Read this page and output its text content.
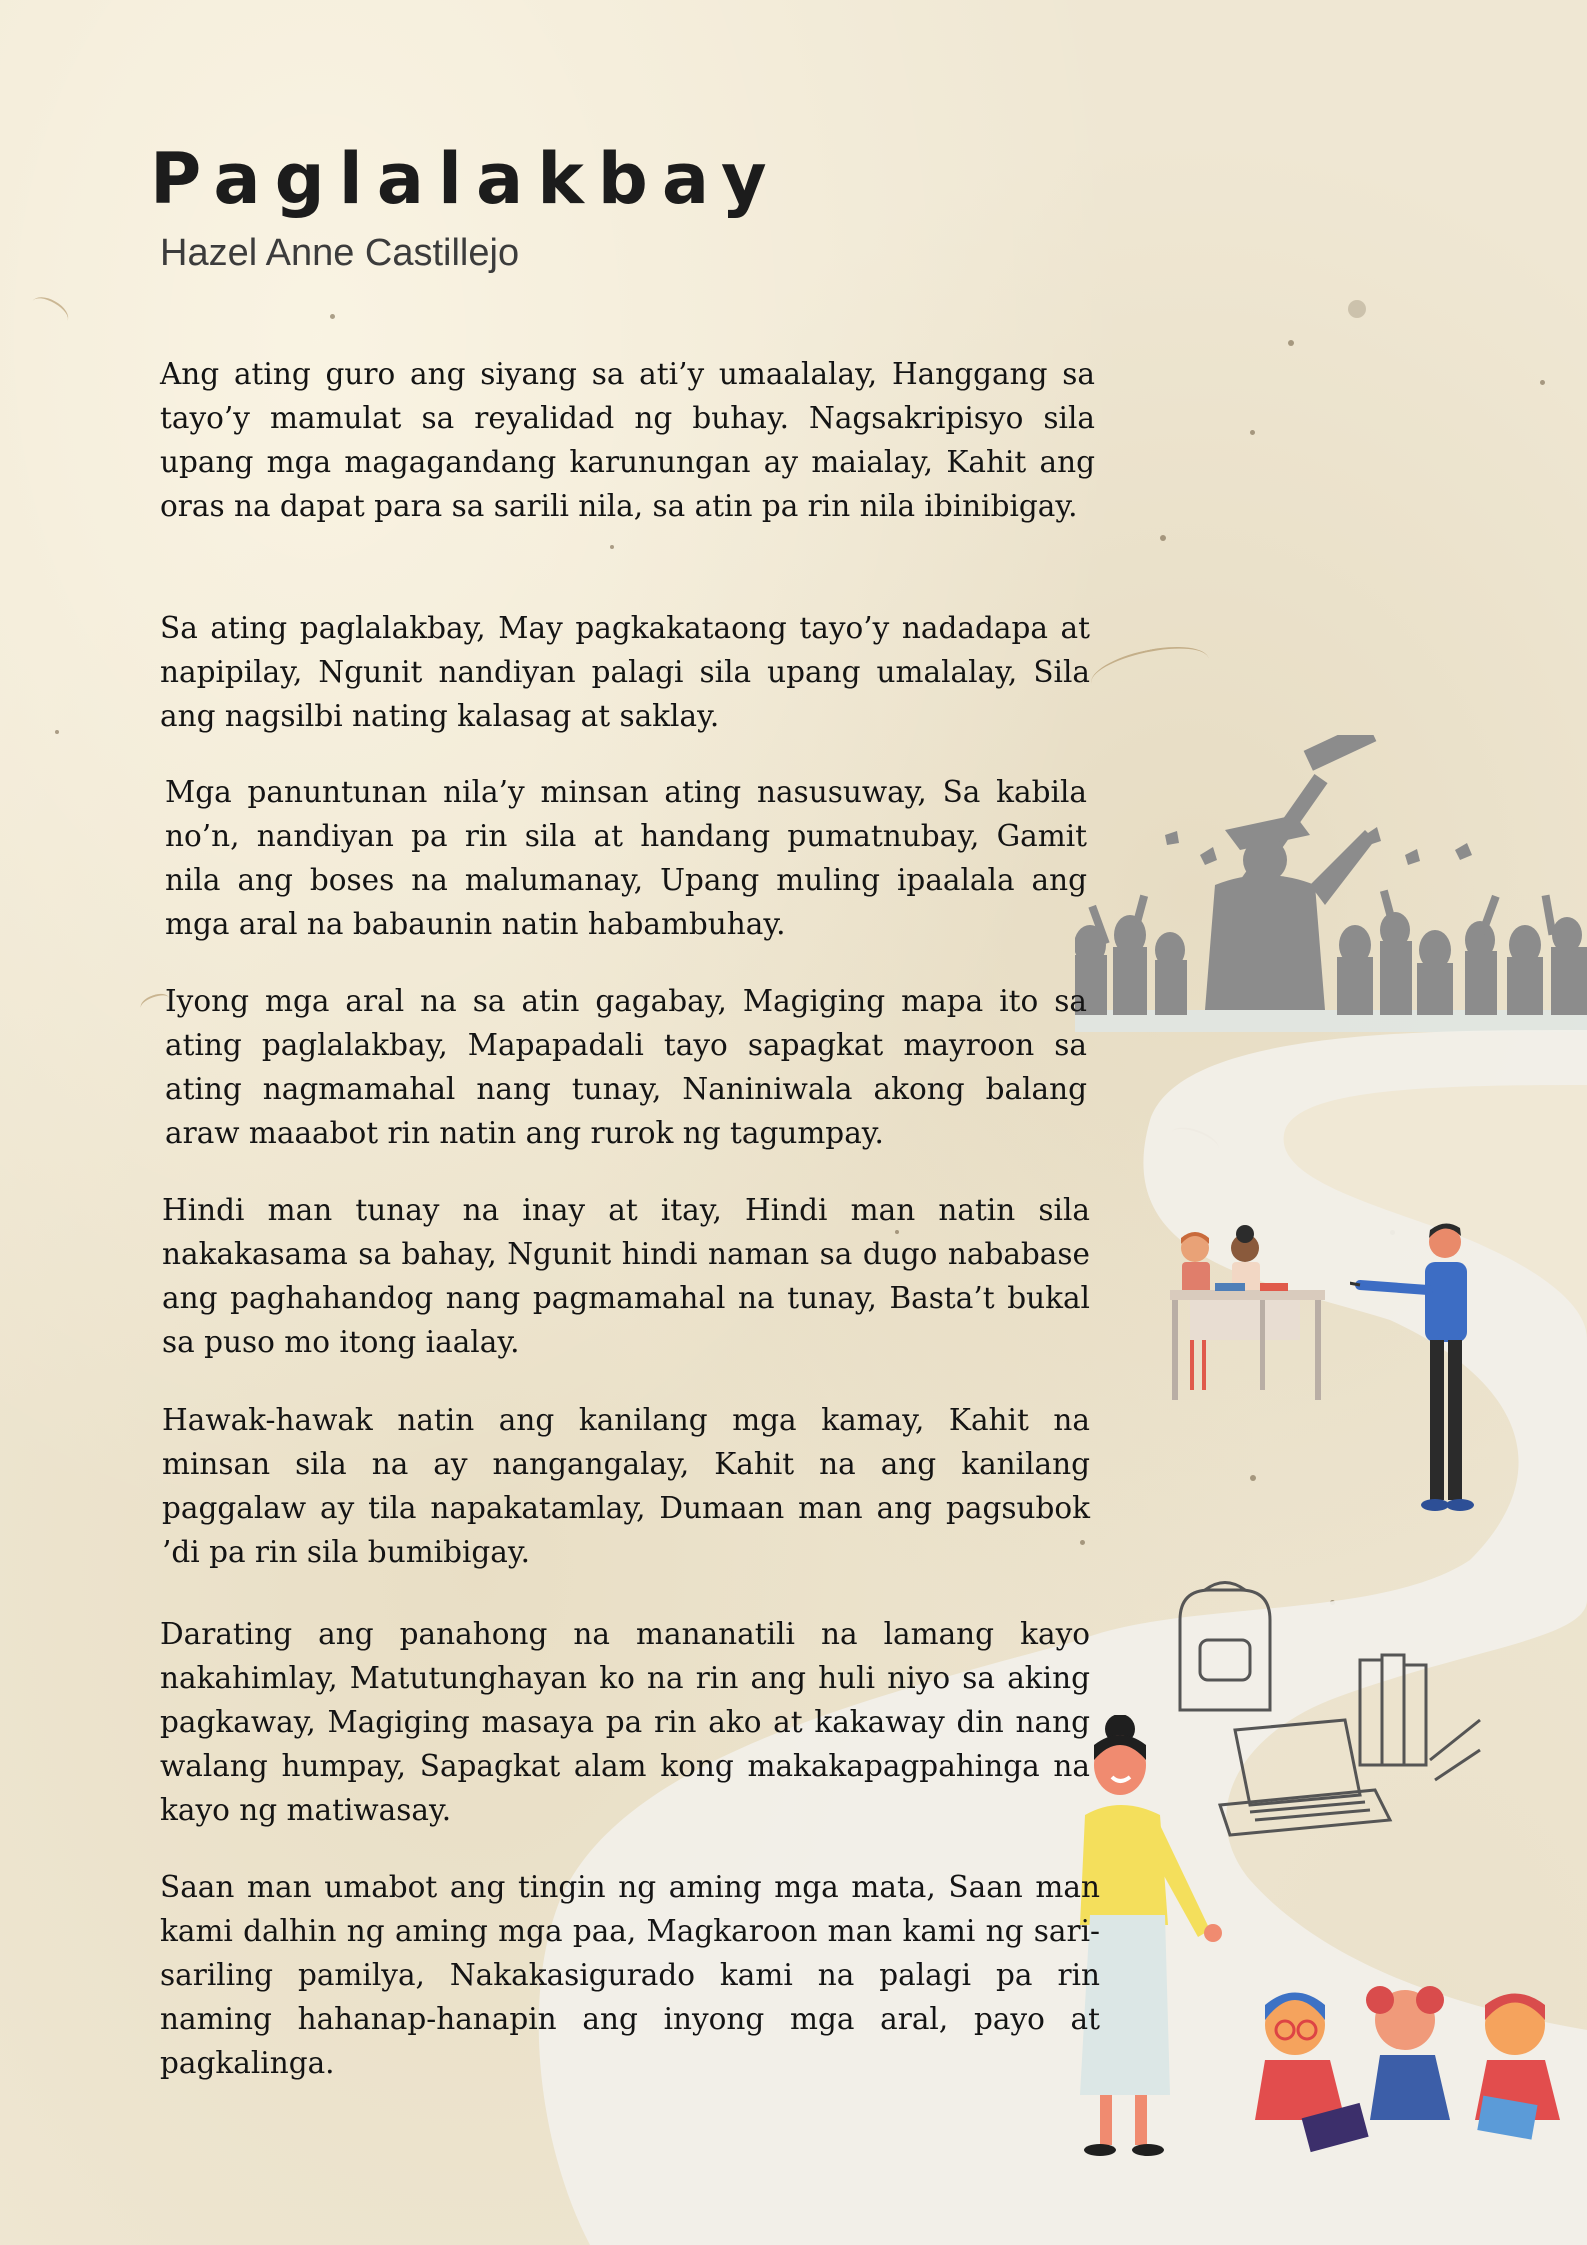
Paglalakbay
Hazel Anne Castillejo

Ang ating guro ang siyang sa ati’y umaalalay, Hanggang sa tayo’y mamulat sa reyalidad ng buhay. Nagsakripisyo sila upang mga magagandang karunungan ay maialay, Kahit ang oras na dapat para sa sarili nila, sa atin pa rin nila ibinibigay.

Sa ating paglalakbay, May pagkakataong tayo’y nadadapa at napipilay, Ngunit nandiyan palagi sila upang umalalay, Sila ang nagsilbi nating kalasag at saklay.

Mga panuntunan nila’y minsan ating nasusuway, Sa kabila no’n, nandiyan pa rin sila at handang pumatnubay, Gamit nila ang boses na malumanay, Upang muling ipaalala ang mga aral na babaunin natin habambuhay.

Iyong mga aral na sa atin gagabay, Magiging mapa ito sa ating paglalakbay, Mapapadali tayo sapagkat mayroon sa ating nagmamahal nang tunay, Naniniwala akong balang araw maaabot rin natin ang rurok ng tagumpay.

Hindi man tunay na inay at itay, Hindi man natin sila nakakasama sa bahay, Ngunit hindi naman sa dugo nababase ang paghahandog nang pagmamahal na tunay, Basta’t bukal sa puso mo itong iaalay.

Hawak-hawak natin ang kanilang mga kamay, Kahit na minsan sila na ay nangangalay, Kahit na ang kanilang paggalaw ay tila napakatamlay, Dumaan man ang pagsubok ’di pa rin sila bumibigay.

Darating ang panahong na mananatili na lamang kayo nakahimlay, Matutunghayan ko na rin ang huli niyo sa aking pagkaway, Magiging masaya pa rin ako at kakaway din nang walang humpay, Sapagkat alam kong makakapagpahinga na kayo ng matiwasay.

Saan man umabot ang tingin ng aming mga mata, Saan man kami dalhin ng aming mga paa, Magkaroon man kami ng sari-sariling pamilya, Nakakasigurado kami na palagi pa rin naming hahanap-hanapin ang inyong mga aral, payo at pagkalinga.
